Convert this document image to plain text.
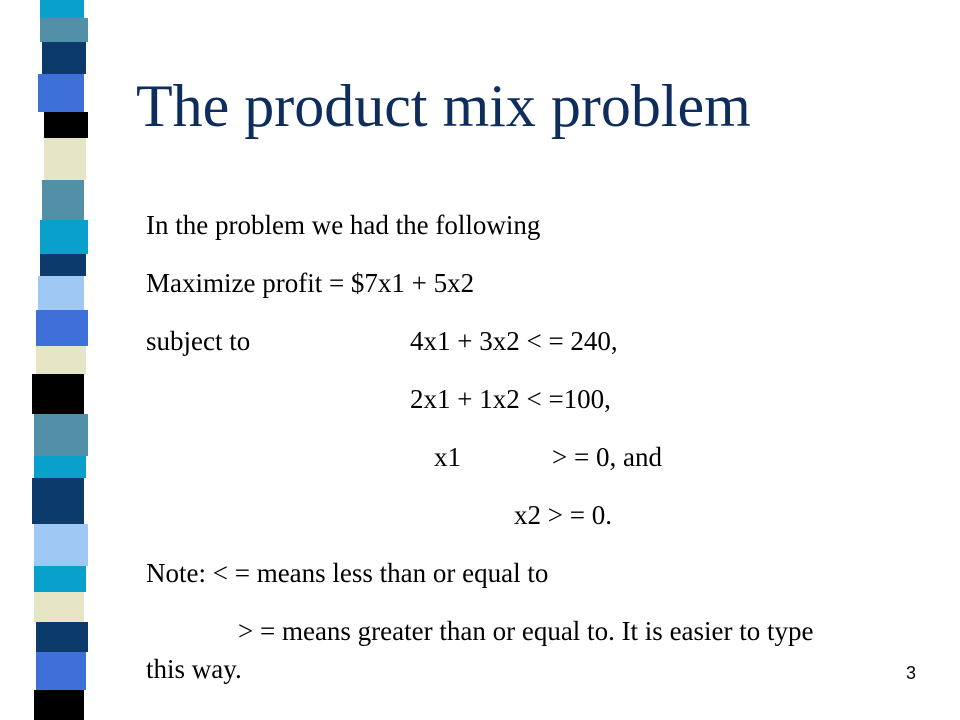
The product mix problem
In the problem we had the following
Maximize profit = $7x1 + 5x2
subject to	4x1 + 3x2 < = 240,
2x1 + 1x2 < =100,
x1	> = 0, and
x2 > = 0.
Note: < = means less than or equal to
> = means greater than or equal to. It is easier to type
this way.	3
